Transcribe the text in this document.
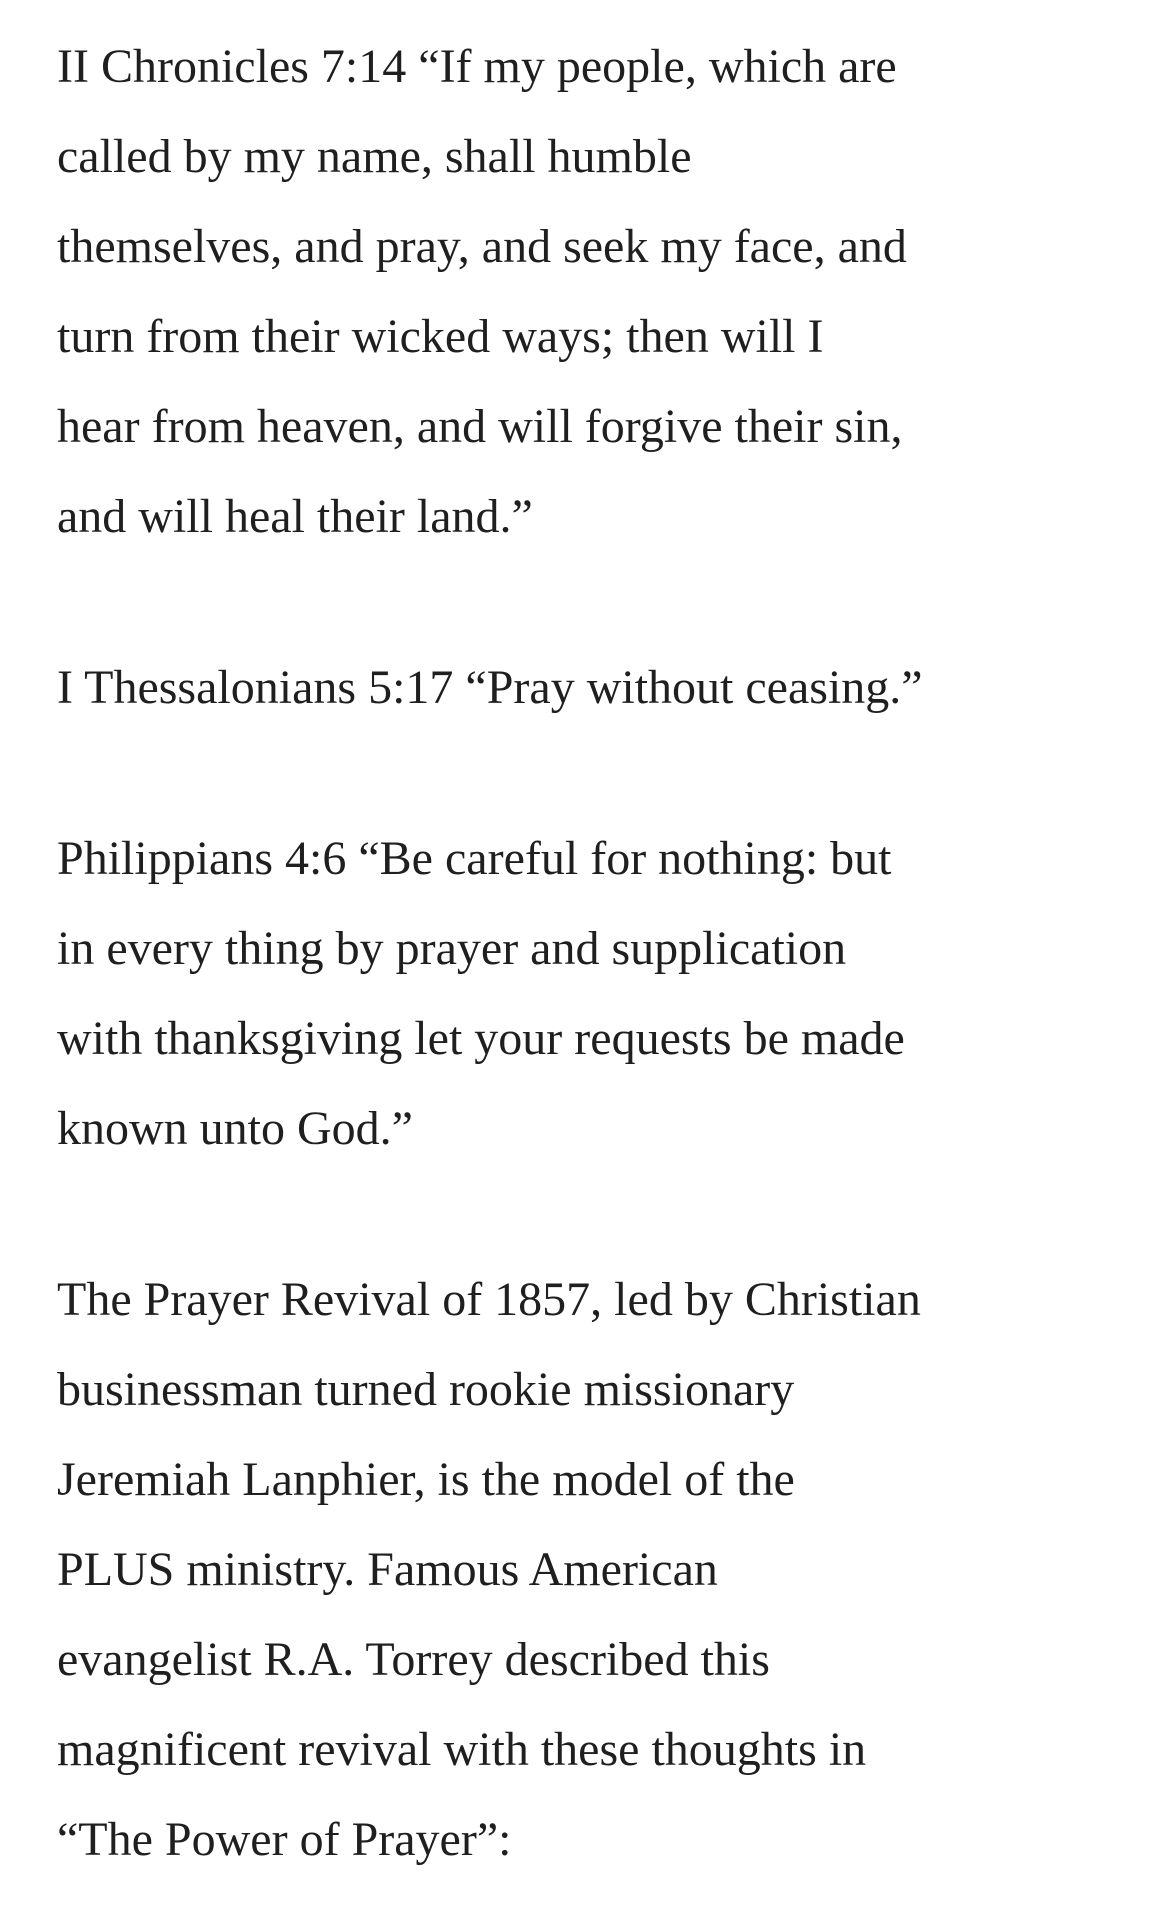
II Chronicles 7:14 “If my people, which are
called by my name, shall humble
themselves, and pray, and seek my face, and
turn from their wicked ways; then will I
hear from heaven, and will forgive their sin,
and will heal their land.”

I Thessalonians 5:17 “Pray without ceasing.”

Philippians 4:6 “Be careful for nothing: but
in every thing by prayer and supplication
with thanksgiving let your requests be made
known unto God.”

The Prayer Revival of 1857, led by Christian
businessman turned rookie missionary
Jeremiah Lanphier, is the model of the
PLUS ministry. Famous American
evangelist R.A. Torrey described this
magnificent revival with these thoughts in
“The Power of Prayer”:
